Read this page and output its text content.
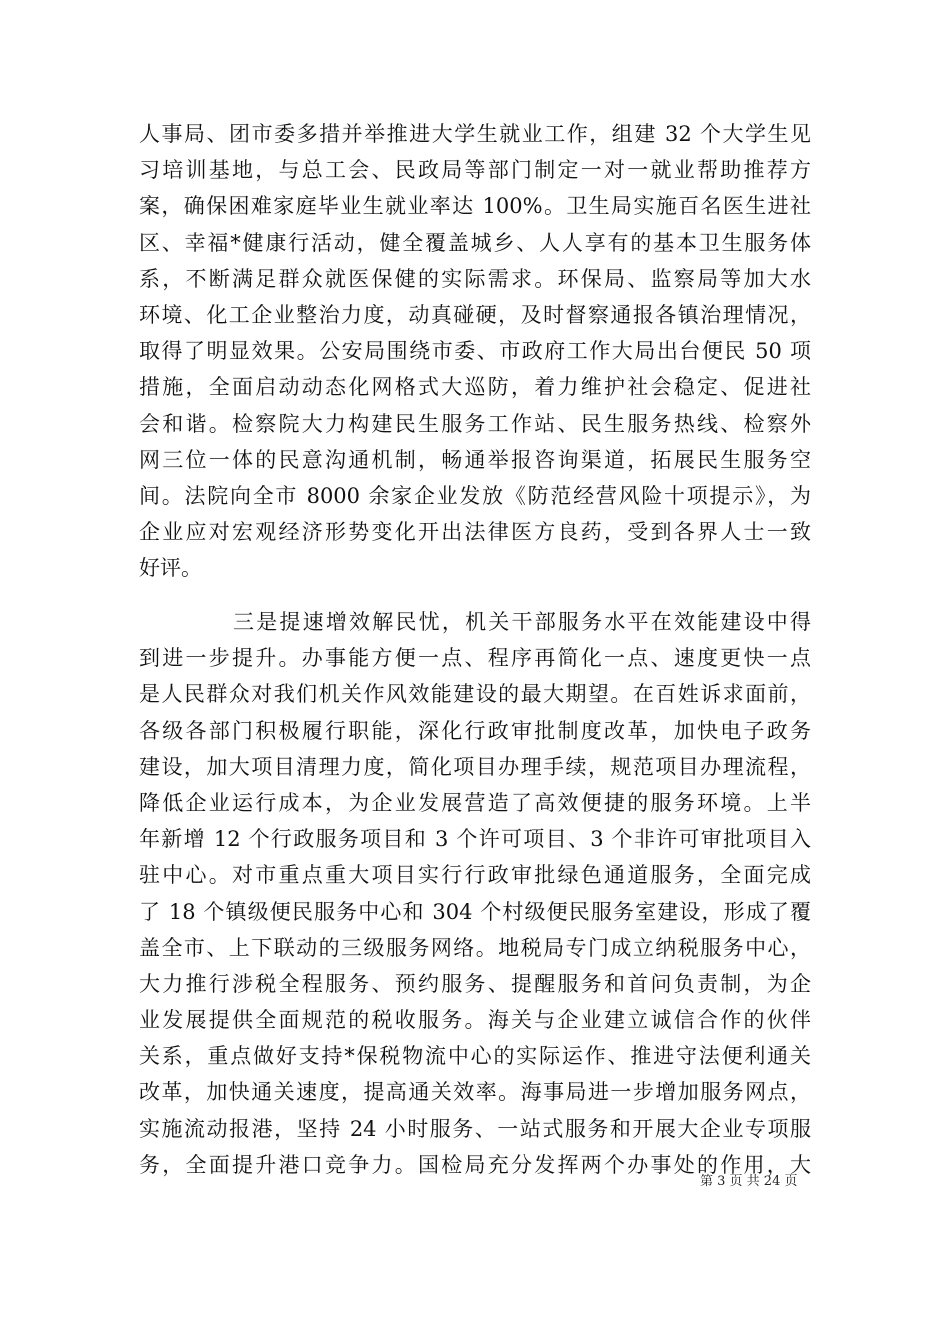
人事局、团市委多措并举推进大学生就业工作，组建 32 个大学生见
习培训基地，与总工会、民政局等部门制定一对一就业帮助推荐方
案，确保困难家庭毕业生就业率达 100%。卫生局实施百名医生进社
区、幸福*健康行活动，健全覆盖城乡、人人享有的基本卫生服务体
系，不断满足群众就医保健的实际需求。环保局、监察局等加大水
环境、化工企业整治力度，动真碰硬，及时督察通报各镇治理情况，
取得了明显效果。公安局围绕市委、市政府工作大局出台便民 50 项
措施，全面启动动态化网格式大巡防，着力维护社会稳定、促进社
会和谐。检察院大力构建民生服务工作站、民生服务热线、检察外
网三位一体的民意沟通机制，畅通举报咨询渠道，拓展民生服务空
间。法院向全市 8000 余家企业发放《防范经营风险十项提示》，为
企业应对宏观经济形势变化开出法律医方良药，受到各界人士一致
好评。
三是提速增效解民忧，机关干部服务水平在效能建设中得
到进一步提升。办事能方便一点、程序再简化一点、速度更快一点
是人民群众对我们机关作风效能建设的最大期望。在百姓诉求面前，
各级各部门积极履行职能，深化行政审批制度改革，加快电子政务
建设，加大项目清理力度，简化项目办理手续，规范项目办理流程，
降低企业运行成本，为企业发展营造了高效便捷的服务环境。上半
年新增 12 个行政服务项目和 3 个许可项目、3 个非许可审批项目入
驻中心。对市重点重大项目实行行政审批绿色通道服务，全面完成
了 18 个镇级便民服务中心和 304 个村级便民服务室建设，形成了覆
盖全市、上下联动的三级服务网络。地税局专门成立纳税服务中心，
大力推行涉税全程服务、预约服务、提醒服务和首问负责制，为企
业发展提供全面规范的税收服务。海关与企业建立诚信合作的伙伴
关系，重点做好支持*保税物流中心的实际运作、推进守法便利通关
改革，加快通关速度，提高通关效率。海事局进一步增加服务网点，
实施流动报港，坚持 24 小时服务、一站式服务和开展大企业专项服
务，全面提升港口竞争力。国检局充分发挥两个办事处的作用，大
第 3 页 共 24 页
